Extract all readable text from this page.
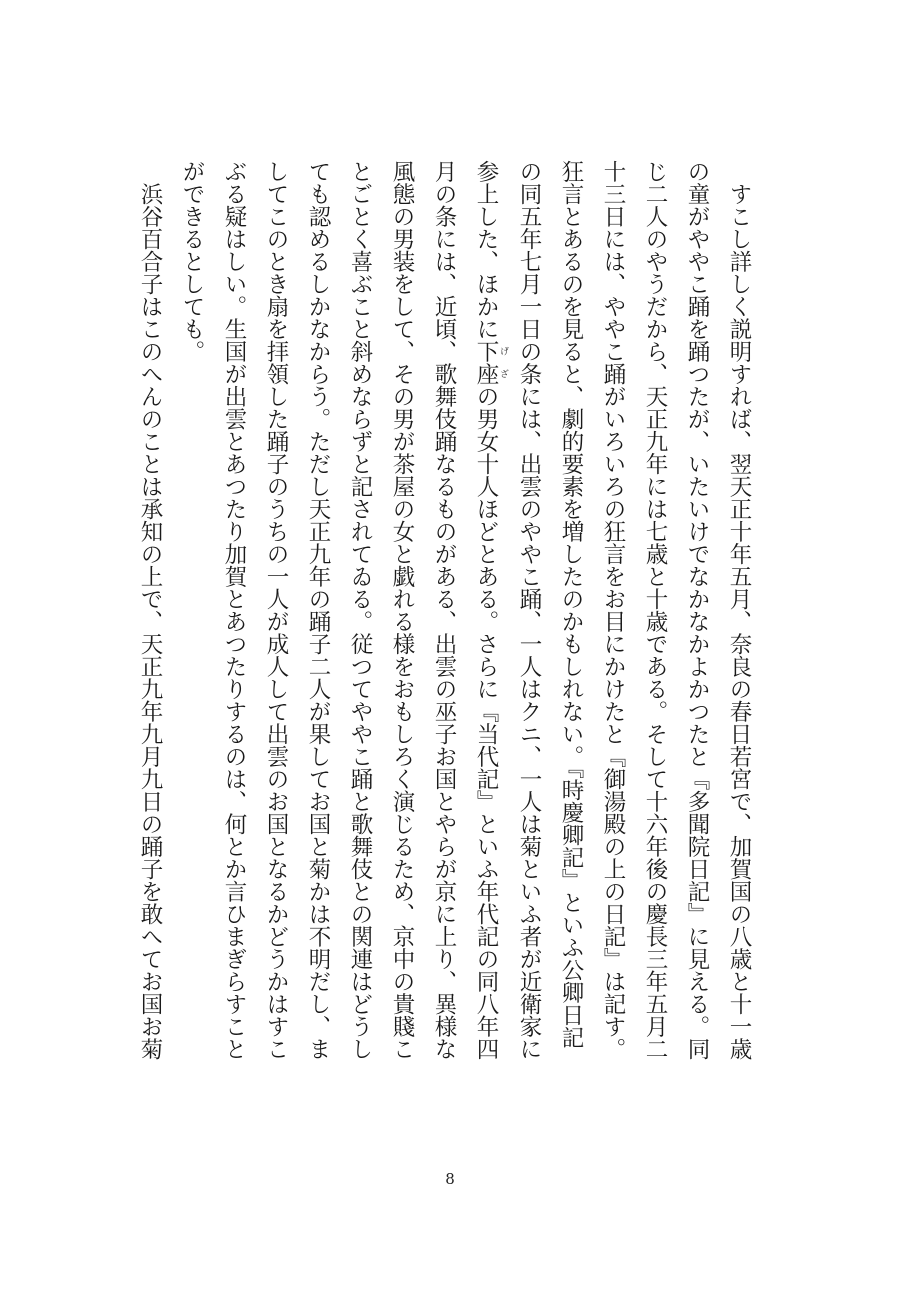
　すこし詳しく説明すれば、翌天正十年五月、奈良の春日若宮で、加賀国の八歳と十一歳
の童がややこ踊を踊つたが、いたいけでなかなかよかつたと『多聞院日記』に見える。同
じ二人のやうだから、天正九年には七歳と十歳である。そして十六年後の慶長三年五月二
十三日には、ややこ踊がいろいろの狂言をお目にかけたと『御湯殿の上の日記』は記す。
狂言とあるのを見ると、劇的要素を増したのかもしれない。『時慶卿記』といふ公卿日記
の同五年七月一日の条には、出雲のややこ踊、一人はクニ、一人は菊といふ者が近衛家に
参上した、ほかに下座 げざの男女十人ほどとある。さらに『当代記』といふ年代記の同八年四
月の条には、近頃、歌舞伎踊なるものがある、出雲の巫子お国とやらが京に上り、異様な
風態の男装をして、その男が茶屋の女と戯れる様をおもしろく演じるため、京中の貴賤こ
とごとく喜ぶこと斜めならずと記されてゐる。従つてややこ踊と歌舞伎との関連はどうし
ても認めるしかなからう。ただし天正九年の踊子二人が果してお国と菊かは不明だし、ま
してこのとき扇を拝領した踊子のうちの一人が成人して出雲のお国となるかどうかはすこ
ぶる疑はしい。生国が出雲とあつたり加賀とあつたりするのは、何とか言ひまぎらすこと
ができるとしても。

　浜谷百合子はこのへんのことは承知の上で、天正九年九月九日の踊子を敢へてお国お菊

8
